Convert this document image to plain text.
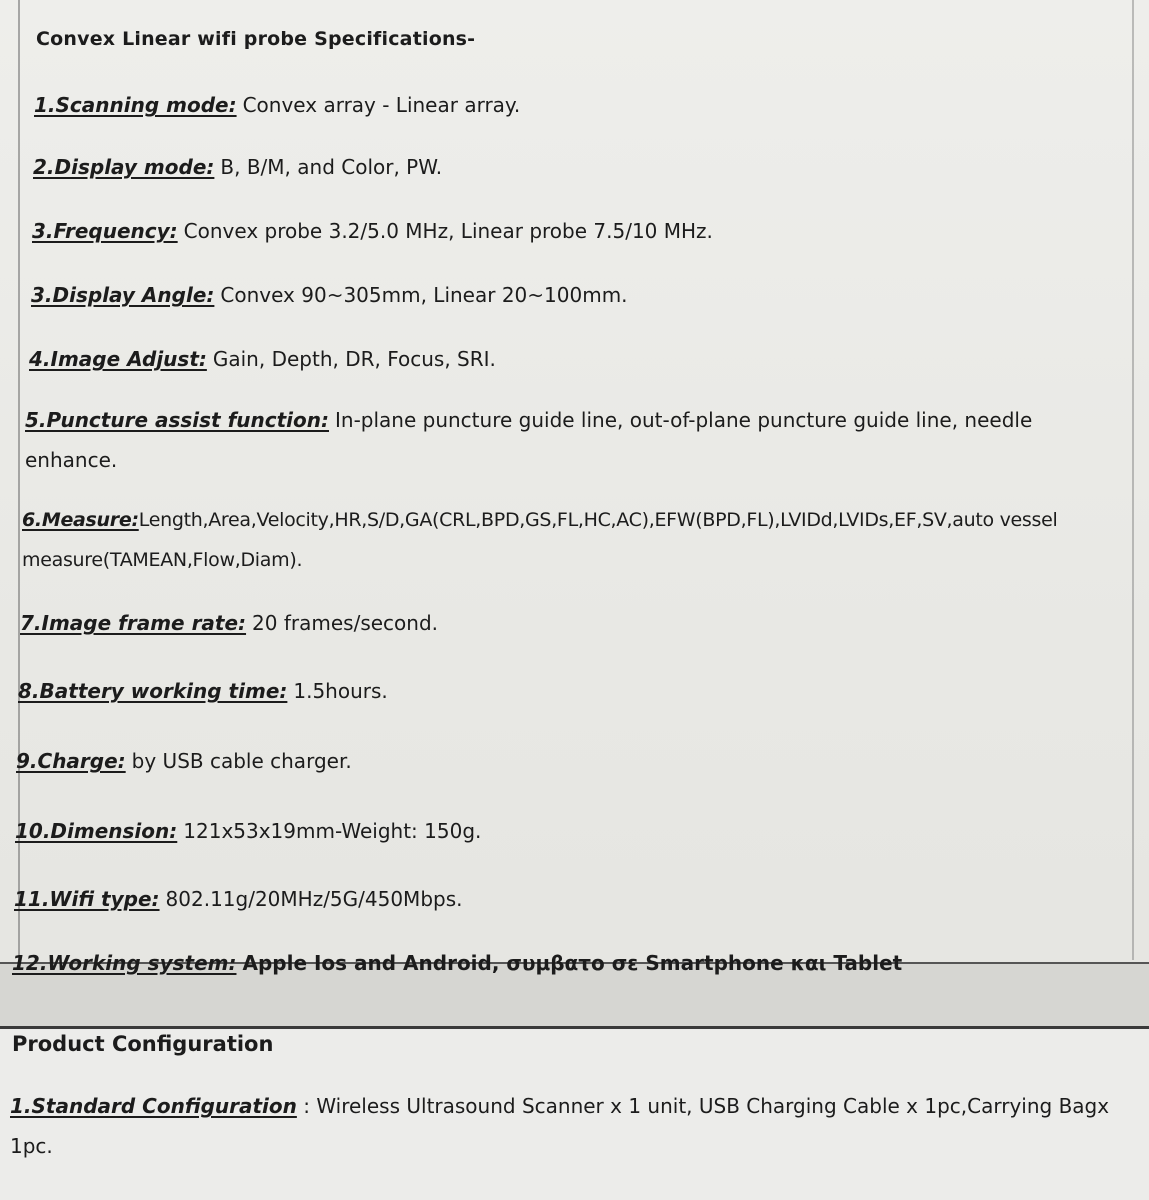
Convex Linear wifi probe Specifications-
1.Scanning mode: Convex array - Linear array.
2.Display mode: B, B/M, and Color, PW.
3.Frequency: Convex probe 3.2/5.0 MHz, Linear probe 7.5/10 MHz.
3.Display Angle: Convex 90~305mm, Linear 20~100mm.
4.Image Adjust: Gain, Depth, DR, Focus, SRI.
5.Puncture assist function: In-plane puncture guide line, out-of-plane puncture guide line, needle enhance.
6.Measure:Length,Area,Velocity,HR,S/D,GA(CRL,BPD,GS,FL,HC,AC),EFW(BPD,FL),LVIDd,LVIDs,EF,SV,auto vessel measure(TAMEAN,Flow,Diam).
7.Image frame rate: 20 frames/second.
8.Battery working time: 1.5hours.
9.Charge: by USB cable charger.
10.Dimension: 121x53x19mm-Weight: 150g.
11.Wifi type: 802.11g/20MHz/5G/450Mbps.
12.Working system: Apple Ios and Android, συμβατο σε Smartphone και Tablet
Product Configuration
1.Standard Configuration : Wireless Ultrasound Scanner x 1 unit, USB Charging Cable x 1pc,Carrying Bagx 1pc.
